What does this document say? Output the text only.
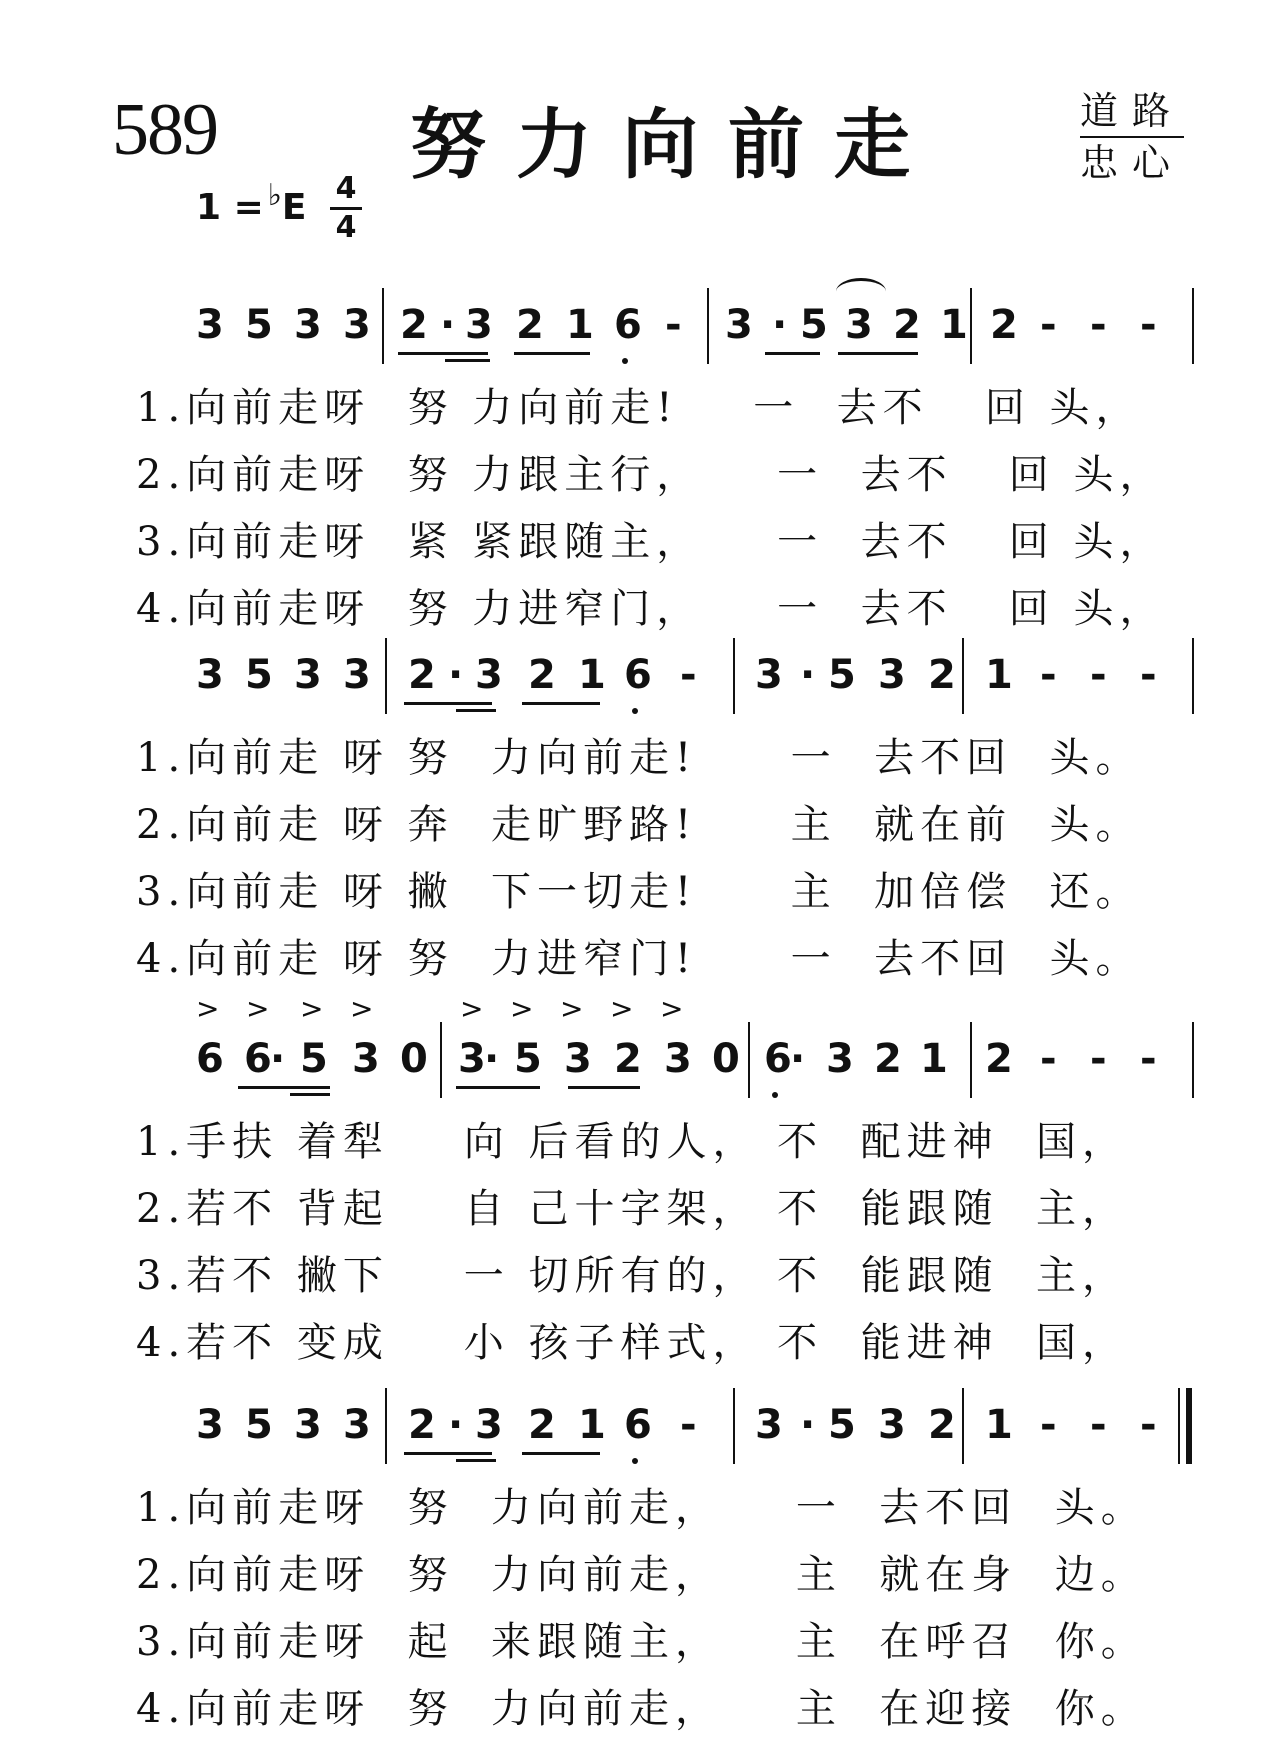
589	努力向前走	道路
忠心
1 = ♭E 4
4
3 5 3 3 2 · 3 2 1 6 - 3 · 5 3 2 1 2 - - -
1.向前走呀  努 力向前走!    一  去不   回 头，
2.向前走呀  努 力跟主行，    一  去不   回 头，
3.向前走呀  紧 紧跟随主，    一  去不   回 头，
4.向前走呀  努 力进窄门，    一  去不   回 头，
3 5 3 3 2 · 3 2 1 6 - 3 · 5 3 2 1 - - -
1.向前走 呀 努  力向前走!     一  去不回  头。
2.向前走 呀 奔  走旷野路!     主  就在前  头。
3.向前走 呀 撇  下一切走!     主  加倍偿  还。
4.向前走 呀 努  力进窄门!     一  去不回  头。
6 6
· 5 3 0 3
· 5 3 2 3 0 6
· 3 2 1 2 - - -
> > > >	> > > > >
1.手扶 着犁    向 后看的人， 不  配进神  国，
2.若不 背起    自 己十字架， 不  能跟随  主，
3.若不 撇下    一 切所有的， 不  能跟随  主，
4.若不 变成    小 孩子样式， 不  能进神  国，
3 5 3 3 2 · 3 2 1 6 - 3 · 5 3 2 1 - - -
1.向前走呀  努  力向前走，    一  去不回  头。
2.向前走呀  努  力向前走，    主  就在身  边。
3.向前走呀  起  来跟随主，    主  在呼召  你。
4.向前走呀  努  力向前走，    主  在迎接  你。
